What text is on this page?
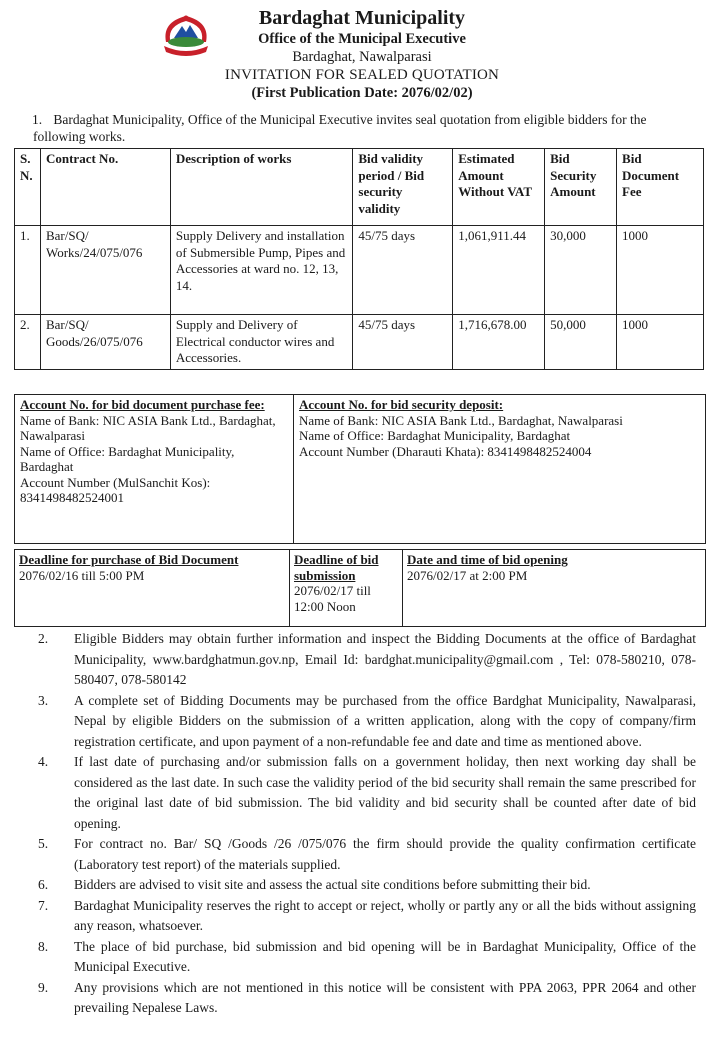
Bardaghat Municipality
Office of the Municipal Executive
Bardaghat, Nawalparasi
INVITATION FOR SEALED QUOTATION
(First Publication Date: 2076/02/02)
1. Bardaghat Municipality, Office of the Municipal Executive invites seal quotation from eligible bidders for the following works.
S. N.	Contract No.	Description of works	Bid validity period / Bid security validity	Estimated Amount Without VAT	Bid Security Amount	Bid Document Fee
1.	Bar/SQ/ Works/24/075/076	Supply Delivery and installation of Submersible Pump, Pipes and Accessories at ward no. 12, 13, 14.	45/75 days	1,061,911.44	30,000	1000
2.	Bar/SQ/ Goods/26/075/076	Supply and Delivery of Electrical conductor wires and Accessories.	45/75 days	1,716,678.00	50,000	1000
Account No. for bid document purchase fee:
Name of Bank: NIC ASIA Bank Ltd., Bardaghat, Nawalparasi
Name of Office: Bardaghat Municipality, Bardaghat
Account Number (MulSanchit Kos): 8341498482524001
Account No. for bid security deposit:
Name of Bank: NIC ASIA Bank Ltd., Bardaghat, Nawalparasi
Name of Office: Bardaghat Municipality, Bardaghat
Account Number (Dharauti Khata): 8341498482524004
Deadline for purchase of Bid Document
2076/02/16 till 5:00 PM
Deadline of bid submission
2076/02/17 till 12:00 Noon
Date and time of bid opening
2076/02/17 at 2:00 PM
2.	Eligible Bidders may obtain further information and inspect the Bidding Documents at the office of Bardaghat Municipality, www.bardghatmun.gov.np, Email Id: bardghat.municipality@gmail.com , Tel: 078-580210, 078-580407, 078-580142
3.	A complete set of Bidding Documents may be purchased from the office Bardghat Municipality, Nawalparasi, Nepal by eligible Bidders on the submission of a written application, along with the copy of company/firm registration certificate, and upon payment of a non-refundable fee and date and time as mentioned above.
4.	If last date of purchasing and/or submission falls on a government holiday, then next working day shall be considered as the last date. In such case the validity period of the bid security shall remain the same prescribed for the original last date of bid submission. The bid validity and bid security shall be counted after date of bid opening.
5.	For contract no. Bar/ SQ /Goods /26 /075/076 the firm should provide the quality confirmation certificate (Laboratory test report) of the materials supplied.
6.	Bidders are advised to visit site and assess the actual site conditions before submitting their bid.
7.	Bardaghat Municipality reserves the right to accept or reject, wholly or partly any or all the bids without assigning any reason, whatsoever.
8.	The place of bid purchase, bid submission and bid opening will be in Bardaghat Municipality, Office of the Municipal Executive.
9.	Any provisions which are not mentioned in this notice will be consistent with PPA 2063, PPR 2064 and other prevailing Nepalese Laws.
